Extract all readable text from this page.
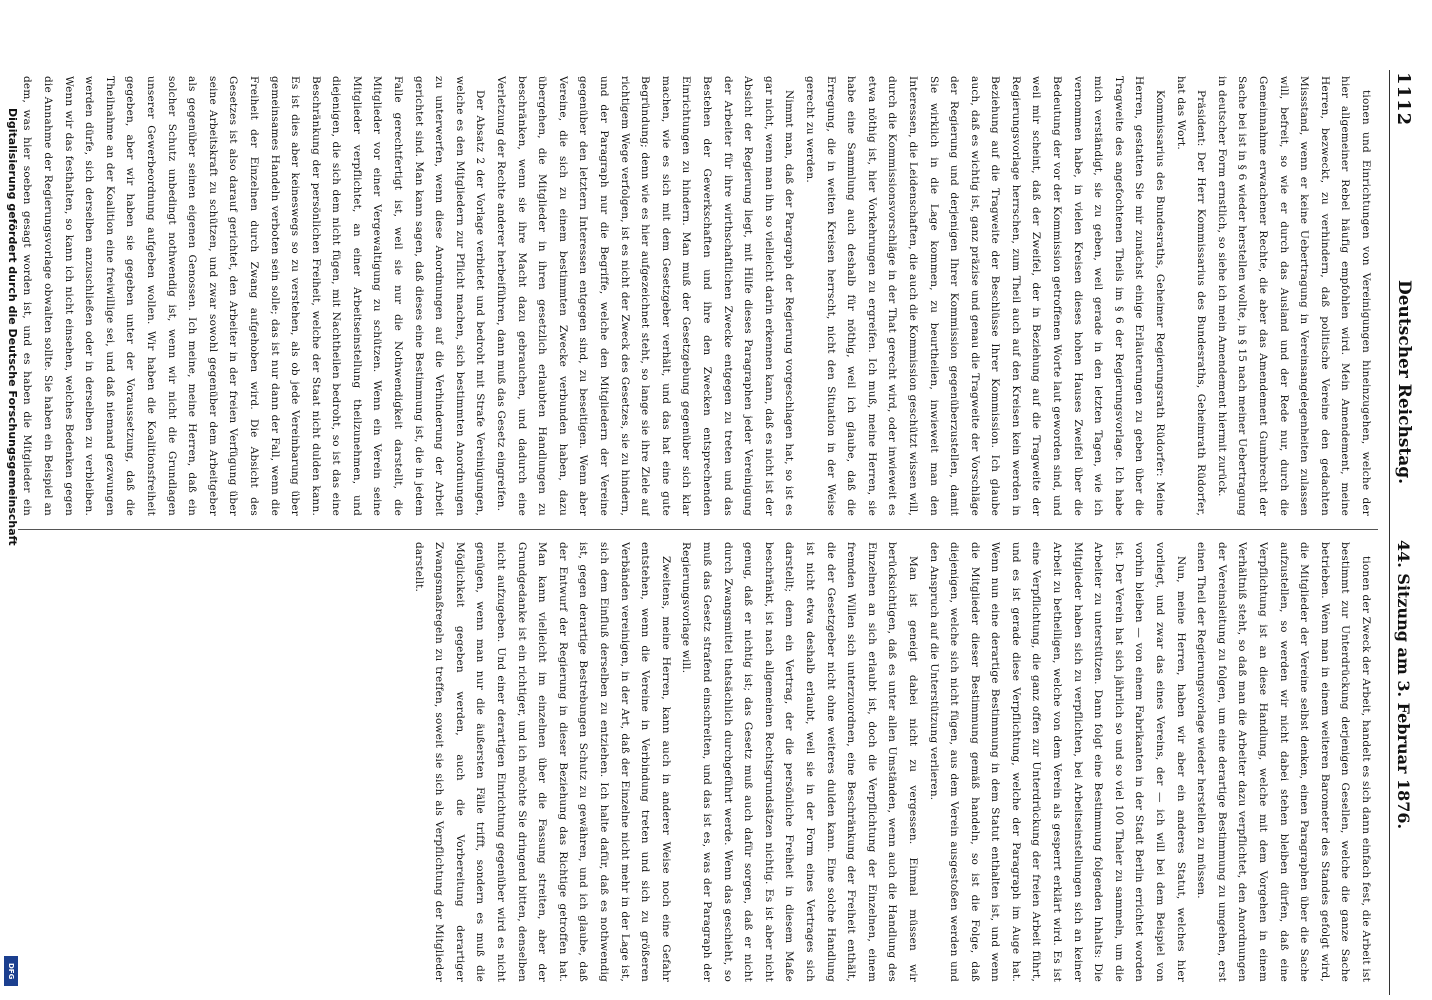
1112
Deutscher Reichstag.
44. Sitzung am 3. Februar 1876.

tionen und Einrichtungen von Vereinigungen hineinzugehen, welche der hier allgemeiner Rebel häufig empfohlen wird. Mein Amendement, meine Herren, bezweckt, zu verhindern, daß politische Vereine den gedachten Missstand, wenn er keine Uebertragung in Vereinsangelegenheiten zulassen will, befreit, so wie er durch das Ausland und der Rede nur, durch die Gemeinnahme erwachener Rechte, die aber das Amendement Gumbrecht der Sache bei ist in § 6 wieder herstellen wollte, in § 15 nach meiner Uebertragung in deutscher Form ernstlich, so siehe ich mein Amendement hiermit zurück.

Präsident: Der Herr Kommissarius des Bundesraths, Geheimrath Rüdorfer, hat das Wort.

Kommissarius des Bundesraths, Geheimer Regierungsrath Rüdorfer: Meine Herren, gestatten Sie mir zunächst einige Erläuterungen zu geben über die Tragweite des angefochtenen Theils im § 6 der Regierungsvorlage. Ich habe mich verständigt, sie zu geben, weil gerade in den letzten Tagen, wie ich vernommen habe, in vielen Kreisen dieses hohen Hauses Zweifel über die Bedeutung der vor der Kommission getroffenen Worte laut geworden sind, und weil mir scheint, daß der Zweifel, der in Beziehung auf die Tragweite der Regierungsvorlage herrschen, zum Theil auch auf den Kreisen kein werden in Beziehung auf die Tragweite der Beschlüsse Ihrer Kommission. Ich glaube auch, daß es wichtig ist, ganz präzise und genau die Tragweite der Vorschläge der Regierung und derjenigen Ihrer Kommission gegenüberzustellen, damit Sie wirklich in die Lage kommen, zu beurtheilen, inwieweit man den Interessen, die Leidenschaften, die auch die Kommission geschützt wissen will, durch die Kommissionsvorschläge in der That gerecht wird, oder inwieweit es etwa nöthig ist, hier Vorkehrungen zu ergreifen. Ich muß, meine Herren, sie habe eine Sammlung auch deshalb für nöthig, weil ich glaube, daß die Erregung, die in weiten Kreisen herrscht, nicht den Situation in der Weise gerecht zu werden.

Nimmt man, daß der Paragraph der Regierung vorgeschlagen hat, so ist es gar nicht, wenn man ihn so vielleicht darin erkennen kann, daß es nicht ist der Absicht der Regierung liegt, mit Hilfe dieses Paragraphen jeder Vereinigung der Arbeiter für ihre wirthschaftlichen Zwecke entgegen zu treten und das Bestehen der Gewerkschaften und ihre den Zwecken entsprechenden Einrichtungen zu hindern. Man muß der Gesetzgebung gegenüber sich klar machen, wie es sich mit dem Gesetzgeber verhält, und das hat eine gute Begründung; denn wie es hier aufgezeichnet steht, so lange sie ihre Ziele auf richtigem Wege verfolgen, ist es nicht der Zweck des Gesetzes, sie zu hindern, und der Paragraph nur die Begriffe, welche den Mitgliedern der Vereine gegenüber den letztern Interessen entgegen sind, zu beseitigen. Wenn aber Vereine, die sich zu einem bestimmten Zwecke verbunden haben, dazu übergehen, die Mitglieder in ihren gesetzlich erlaubten Handlungen zu beschränken, wenn sie ihre Macht dazu gebrauchen, und dadurch eine Verletzung der Rechte anderer herbeiführen, dann muß das Gesetz eingreifen.

Der Absatz 2 der Vorlage verbietet und bedroht mit Strafe Vereinigungen, welche es den Mitgliedern zur Pflicht machen, sich bestimmten Anordnungen zu unterwerfen, wenn diese Anordnungen auf die Verhinderung der Arbeit gerichtet sind. Man kann sagen, daß dieses eine Bestimmung ist, die in jedem Falle gerechtfertigt ist, weil sie nur die Nothwendigkeit darstellt, die Mitglieder vor einer Vergewaltigung zu schützen. Wenn ein Verein seine Mitglieder verpflichtet, an einer Arbeitseinstellung theilzunehmen, und diejenigen, die sich dem nicht fügen, mit Nachtheilen bedroht, so ist das eine Beschränkung der persönlichen Freiheit, welche der Staat nicht dulden kann. Es ist dies aber keineswegs so zu verstehen, als ob jede Vereinbarung über gemeinsames Handeln verboten sein solle; das ist nur dann der Fall, wenn die Freiheit der Einzelnen durch Zwang aufgehoben wird. Die Absicht des Gesetzes ist also darauf gerichtet, den Arbeiter in der freien Verfügung über seine Arbeitskraft zu schützen, und zwar sowohl gegenüber dem Arbeitgeber als gegenüber seinen eigenen Genossen. Ich meine, meine Herren, daß ein solcher Schutz unbedingt nothwendig ist, wenn wir nicht die Grundlagen unserer Gewerbeordnung aufgeben wollen. Wir haben die Koalitionsfreiheit gegeben, aber wir haben sie gegeben unter der Voraussetzung, daß die Theilnahme an der Koalition eine freiwillige sei, und daß niemand gezwungen werden dürfe, sich derselben anzuschließen oder in derselben zu verbleiben. Wenn wir das festhalten, so kann ich nicht einsehen, welches Bedenken gegen die Annahme der Regierungsvorlage obwalten sollte. Sie haben ein Beispiel an dem, was hier soeben gesagt worden ist, und es haben die Mitglieder ein

tionen der Zweck der Arbeit, handelt es sich dann einfach fest, die Arbeit ist bestimmt zur Unterdrückung derjenigen Gesellen, welche die ganze Sache betrieben. Wenn man in einem weiteren Barometer des Standes gefolgt wird, die Mitglieder der Vereine selbst denken, einen Paragraphen über die Sache aufzustellen, so werden wir nicht dabei stehen bleiben dürfen, daß eine Verpflichtung ist an diese Handlung, welche mit dem Vorgehen in einem Verhältniß steht, so daß man die Arbeiter dazu verpflichtet, den Anordnungen der Vereinsleitung zu folgen, um eine derartige Bestimmung zu umgehen, erst einen Theil der Regierungsvorlage wieder herstellen zu müssen.

Nun, meine Herren, haben wir aber ein anderes Statut, welches hier vorliegt, und zwar das eines Vereins, der — ich will bei dem Beispiel von vorhin bleiben — von einem Fabrikanten in der Stadt Berlin errichtet worden ist. Der Verein hat sich jährlich so und so viel 100 Thaler zu sammeln, um die Arbeiter zu unterstützen. Dann folgt eine Bestimmung folgenden Inhalts: Die Mitglieder haben sich zu verpflichten, bei Arbeitseinstellungen sich an keiner Arbeit zu betheiligen, welche von dem Verein als gesperrt erklärt wird. Es ist eine Verpflichtung, die ganz offen zur Unterdrückung der freien Arbeit führt, und es ist gerade diese Verpflichtung, welche der Paragraph im Auge hat. Wenn nun eine derartige Bestimmung in dem Statut enthalten ist, und wenn die Mitglieder dieser Bestimmung gemäß handeln, so ist die Folge, daß diejenigen, welche sich nicht fügen, aus dem Verein ausgestoßen werden und den Anspruch auf die Unterstützung verlieren.

Man ist geneigt dabei nicht zu vergessen. Einmal müssen wir berücksichtigen, daß es unter allen Umständen, wenn auch die Handlung des Einzelnen an sich erlaubt ist, doch die Verpflichtung der Einzelnen, einem fremden Willen sich unterzuordnen, eine Beschränkung der Freiheit enthält, die der Gesetzgeber nicht ohne weiteres dulden kann. Eine solche Handlung ist nicht etwa deshalb erlaubt, weil sie in der Form eines Vertrages sich darstellt; denn ein Vertrag, der die persönliche Freiheit in diesem Maße beschränkt, ist nach allgemeinen Rechtsgrundsätzen nichtig. Es ist aber nicht genug, daß er nichtig ist; das Gesetz muß auch dafür sorgen, daß er nicht durch Zwangsmittel thatsächlich durchgeführt werde. Wenn das geschieht, so muß das Gesetz strafend einschreiten, und das ist es, was der Paragraph der Regierungsvorlage will.

Zweitens, meine Herren, kann auch in anderer Weise noch eine Gefahr entstehen, wenn die Vereine in Verbindung treten und sich zu größeren Verbänden vereinigen, in der Art, daß der Einzelne nicht mehr in der Lage ist, sich dem Einfluß derselben zu entziehen. Ich halte dafür, daß es nothwendig ist, gegen derartige Bestrebungen Schutz zu gewähren, und ich glaube, daß der Entwurf der Regierung in dieser Beziehung das Richtige getroffen hat. Man kann vielleicht im einzelnen über die Fassung streiten, aber der Grundgedanke ist ein richtiger, und ich möchte Sie dringend bitten, denselben nicht aufzugeben. Und einer derartigen Einrichtung gegenüber wird es nicht genügen, wenn man nur die äußersten Fälle trifft, sondern es muß die Möglichkeit gegeben werden, auch die Vorbereitung derartiger Zwangsmaßregeln zu treffen, soweit sie sich als Verpflichtung der Mitglieder darstellt.

Digitalisierung gefördert durch die Deutsche Forschungsgemeinschaft
DFG
